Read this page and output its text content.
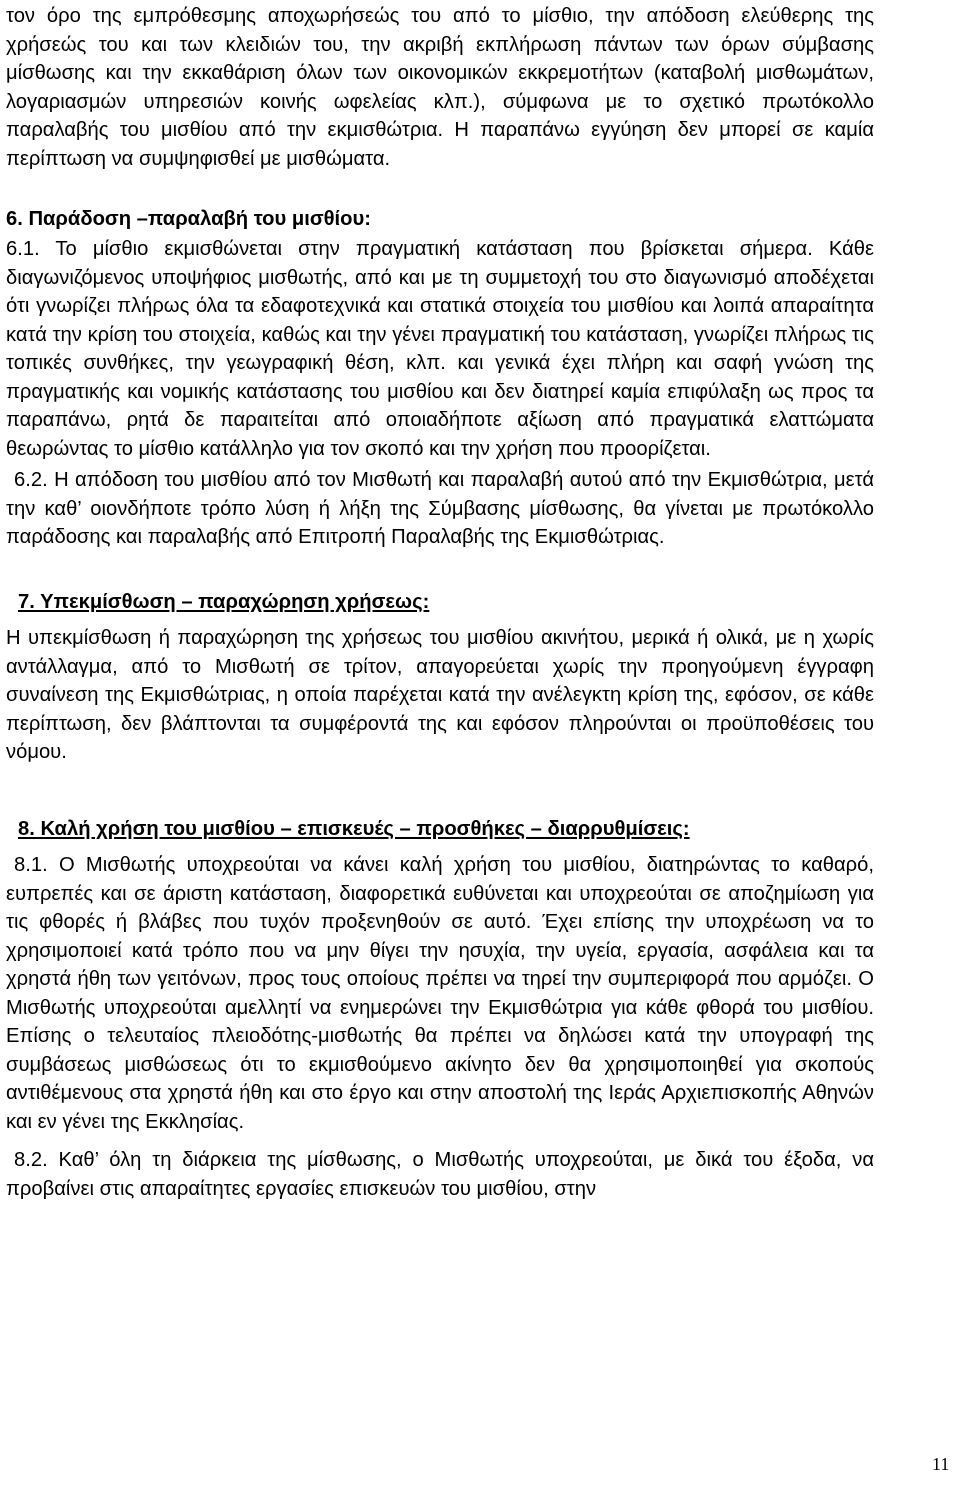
τον όρο της εμπρόθεσμης αποχωρήσεώς του από το μίσθιο, την απόδοση ελεύθερης της χρήσεώς του και των κλειδιών του, την ακριβή εκπλήρωση πάντων των όρων σύμβασης μίσθωσης και την εκκαθάριση όλων των οικονομικών εκκρεμοτήτων (καταβολή μισθωμάτων, λογαριασμών υπηρεσιών κοινής ωφελείας κλπ.), σύμφωνα με το σχετικό πρωτόκολλο παραλαβής του μισθίου από την εκμισθώτρια. Η παραπάνω εγγύηση δεν μπορεί σε καμία περίπτωση να συμψηφισθεί με μισθώματα.

6. Παράδοση –παραλαβή του μισθίου:

6.1. Το μίσθιο εκμισθώνεται στην πραγματική κατάσταση που βρίσκεται σήμερα. Κάθε διαγωνιζόμενος υποψήφιος μισθωτής, από και με τη συμμετοχή του στο διαγωνισμό αποδέχεται ότι γνωρίζει πλήρως όλα τα εδαφοτεχνικά και στατικά στοιχεία του μισθίου και λοιπά απαραίτητα κατά την κρίση του στοιχεία, καθώς και την γένει πραγματική του κατάσταση, γνωρίζει πλήρως τις τοπικές συνθήκες, την γεωγραφική θέση, κλπ. και γενικά έχει πλήρη και σαφή γνώση της πραγματικής και νομικής κατάστασης του μισθίου και δεν διατηρεί καμία επιφύλαξη ως προς τα παραπάνω, ρητά δε παραιτείται από οποιαδήποτε αξίωση από πραγματικά ελαττώματα θεωρώντας το μίσθιο κατάλληλο για τον σκοπό και την χρήση που προορίζεται.

6.2. Η απόδοση του μισθίου από τον Μισθωτή και παραλαβή αυτού από την Εκμισθώτρια, μετά την καθ’ οιονδήποτε τρόπο λύση ή λήξη της Σύμβασης μίσθωσης, θα γίνεται με πρωτόκολλο παράδοσης και παραλαβής από Επιτροπή Παραλαβής της Εκμισθώτριας.

7. Υπεκμίσθωση – παραχώρηση χρήσεως:

Η υπεκμίσθωση ή παραχώρηση της χρήσεως του μισθίου ακινήτου, μερικά ή ολικά, με η χωρίς αντάλλαγμα, από το Μισθωτή σε τρίτον, απαγορεύεται χωρίς την προηγούμενη έγγραφη συναίνεση της Εκμισθώτριας, η οποία παρέχεται κατά την ανέλεγκτη κρίση της, εφόσον, σε κάθε περίπτωση, δεν βλάπτονται τα συμφέροντά της και εφόσον πληρούνται οι προϋποθέσεις του νόμου.

8. Καλή χρήση του μισθίου – επισκευές – προσθήκες – διαρρυθμίσεις:

8.1. Ο Μισθωτής υποχρεούται να κάνει καλή χρήση του μισθίου, διατηρώντας το καθαρό, ευπρεπές και σε άριστη κατάσταση, διαφορετικά ευθύνεται και υποχρεούται σε αποζημίωση για τις φθορές ή βλάβες που τυχόν προξενηθούν σε αυτό. Έχει επίσης την υποχρέωση να το χρησιμοποιεί κατά τρόπο που να μην θίγει την ησυχία, την υγεία, εργασία, ασφάλεια και τα χρηστά ήθη των γειτόνων, προς τους οποίους πρέπει να τηρεί την συμπεριφορά που αρμόζει. Ο Μισθωτής υποχρεούται αμελλητί να ενημερώνει την Εκμισθώτρια για κάθε φθορά του μισθίου. Επίσης ο τελευταίος πλειοδότης-μισθωτής θα πρέπει να δηλώσει κατά την υπογραφή της συμβάσεως μισθώσεως ότι το εκμισθούμενο ακίνητο δεν θα χρησιμοποιηθεί για σκοπούς αντιθέμενους στα χρηστά ήθη και στο έργο και στην αποστολή της Ιεράς Αρχιεπισκοπής Αθηνών και εν γένει της Εκκλησίας.

8.2. Καθ’ όλη τη διάρκεια της μίσθωσης, ο Μισθωτής υποχρεούται, με δικά του έξοδα, να προβαίνει στις απαραίτητες εργασίες επισκευών του μισθίου, στην

11
